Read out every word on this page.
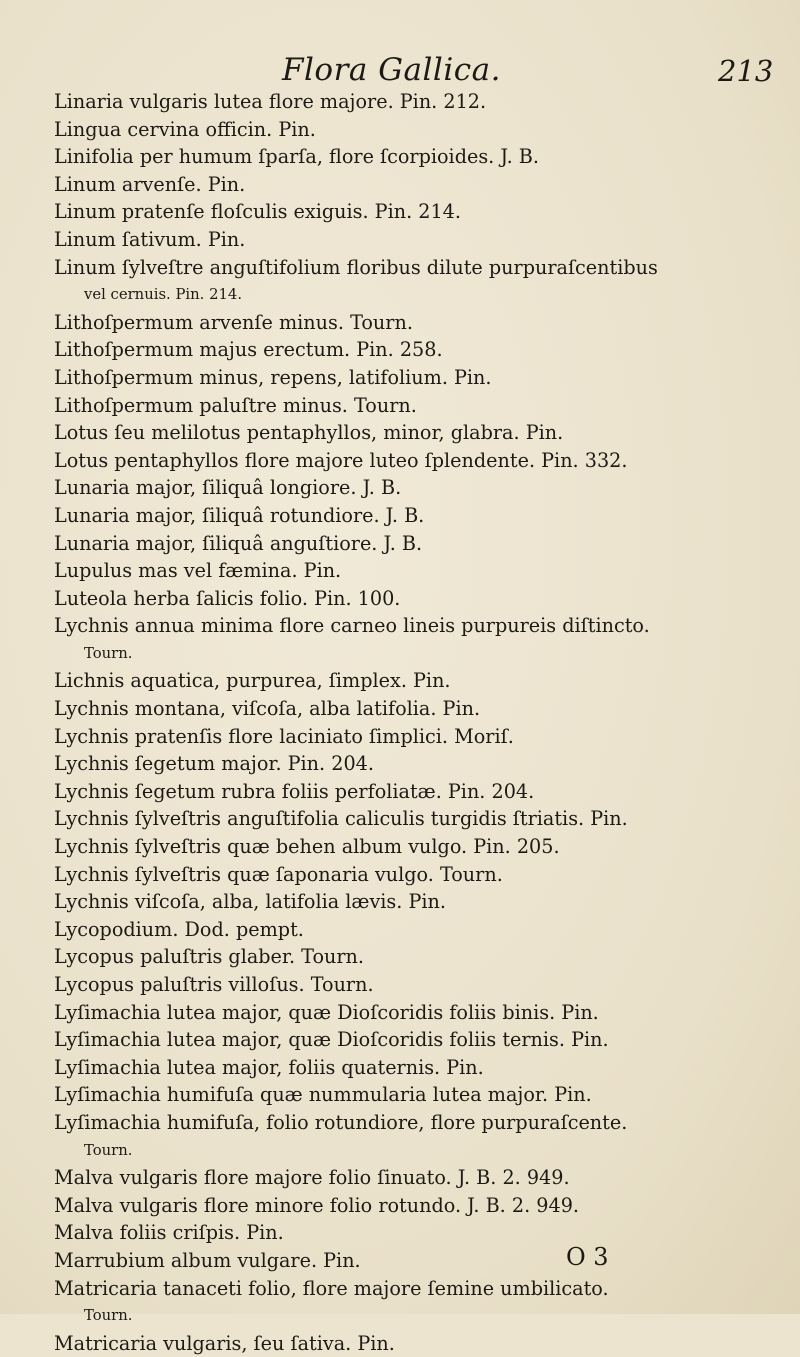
Flora Gallica.	213
Linaria vulgaris lutea flore majore. Pin. 212.
Lingua cervina officin. Pin.
Linifolia per humum ſparſa, flore ſcorpioides. J. B.
Linum arvenſe. Pin.
Linum pratenſe floſculis exiguis. Pin. 214.
Linum ſativum. Pin.
Linum ſylveſtre anguſtifolium floribus dilute purpuraſcentibus
vel cernuis. Pin. 214.
Lithoſpermum arvenſe minus. Tourn.
Lithoſpermum majus erectum. Pin. 258.
Lithoſpermum minus, repens, latifolium. Pin.
Lithoſpermum paluſtre minus. Tourn.
Lotus ſeu melilotus pentaphyllos, minor, glabra. Pin.
Lotus pentaphyllos flore majore luteo ſplendente. Pin. 332.
Lunaria major, ſiliquâ longiore. J. B.
Lunaria major, ſiliquâ rotundiore. J. B.
Lunaria major, ſiliquâ anguſtiore. J. B.
Lupulus mas vel fæmina. Pin.
Luteola herba ſalicis folio. Pin. 100.
Lychnis annua minima flore carneo lineis purpureis diſtincto.
Tourn.
Lichnis aquatica, purpurea, ſimplex. Pin.
Lychnis montana, viſcoſa, alba latifolia. Pin.
Lychnis pratenſis flore laciniato ſimplici. Moriſ.
Lychnis ſegetum major. Pin. 204.
Lychnis ſegetum rubra foliis perfoliatæ. Pin. 204.
Lychnis ſylveſtris anguſtifolia caliculis turgidis ſtriatis. Pin.
Lychnis ſylveſtris quæ behen album vulgo. Pin. 205.
Lychnis ſylveſtris quæ ſaponaria vulgo. Tourn.
Lychnis viſcoſa, alba, latifolia lævis. Pin.
Lycopodium. Dod. pempt.
Lycopus paluſtris glaber. Tourn.
Lycopus paluſtris villoſus. Tourn.
Lyſimachia lutea major, quæ Dioſcoridis foliis binis. Pin.
Lyſimachia lutea major, quæ Dioſcoridis foliis ternis. Pin.
Lyſimachia lutea major, foliis quaternis. Pin.
Lyſimachia humifuſa quæ nummularia lutea major. Pin.
Lyſimachia humifuſa, folio rotundiore, flore purpuraſcente.
Tourn.
Malva vulgaris flore majore folio ſinuato. J. B. 2. 949.
Malva vulgaris flore minore folio rotundo. J. B. 2. 949.
Malva foliis criſpis. Pin.
Marrubium album vulgare. Pin.
Matricaria tanaceti folio, flore majore ſemine umbilicato.
Tourn.
Matricaria vulgaris, ſeu ſativa. Pin.
O 3
